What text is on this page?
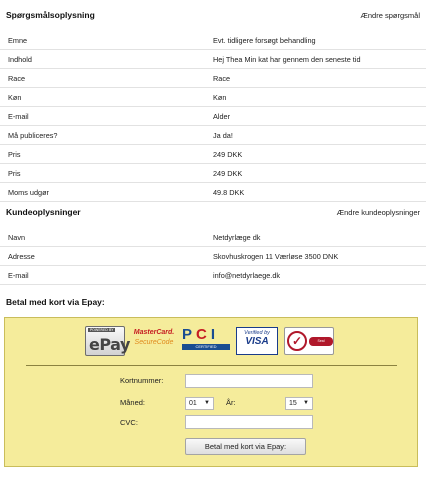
Spørgsmålsoplysning	Ændre spørgsmål
Emne	Evt. tidligere forsøgt behandling
Indhold	Hej Thea Min kat har gennem den seneste tid
Race	Race
Køn	Køn
E-mail	Alder
Må publiceres?	Ja da!
Pris	249 DKK
Pris	249 DKK
Moms udgør	49.8 DKK
Kundeoplysninger	Ændre kundeoplysninger
Navn	Netdyrlæge dk
Adresse	Skovhuskrogen 11 Værløse 3500 DNK
E-mail	info@netdyrlaege.dk
Betal med kort via Epay:
POWERED BY
ePay
MasterCard.
SecureCode PCI
CERTIFIED
Verified by
VISA	✓	Seal
Kortnummer:
Måned:	01 ▼ År:	15 ▼
CVC:
Betal med kort via Epay:
